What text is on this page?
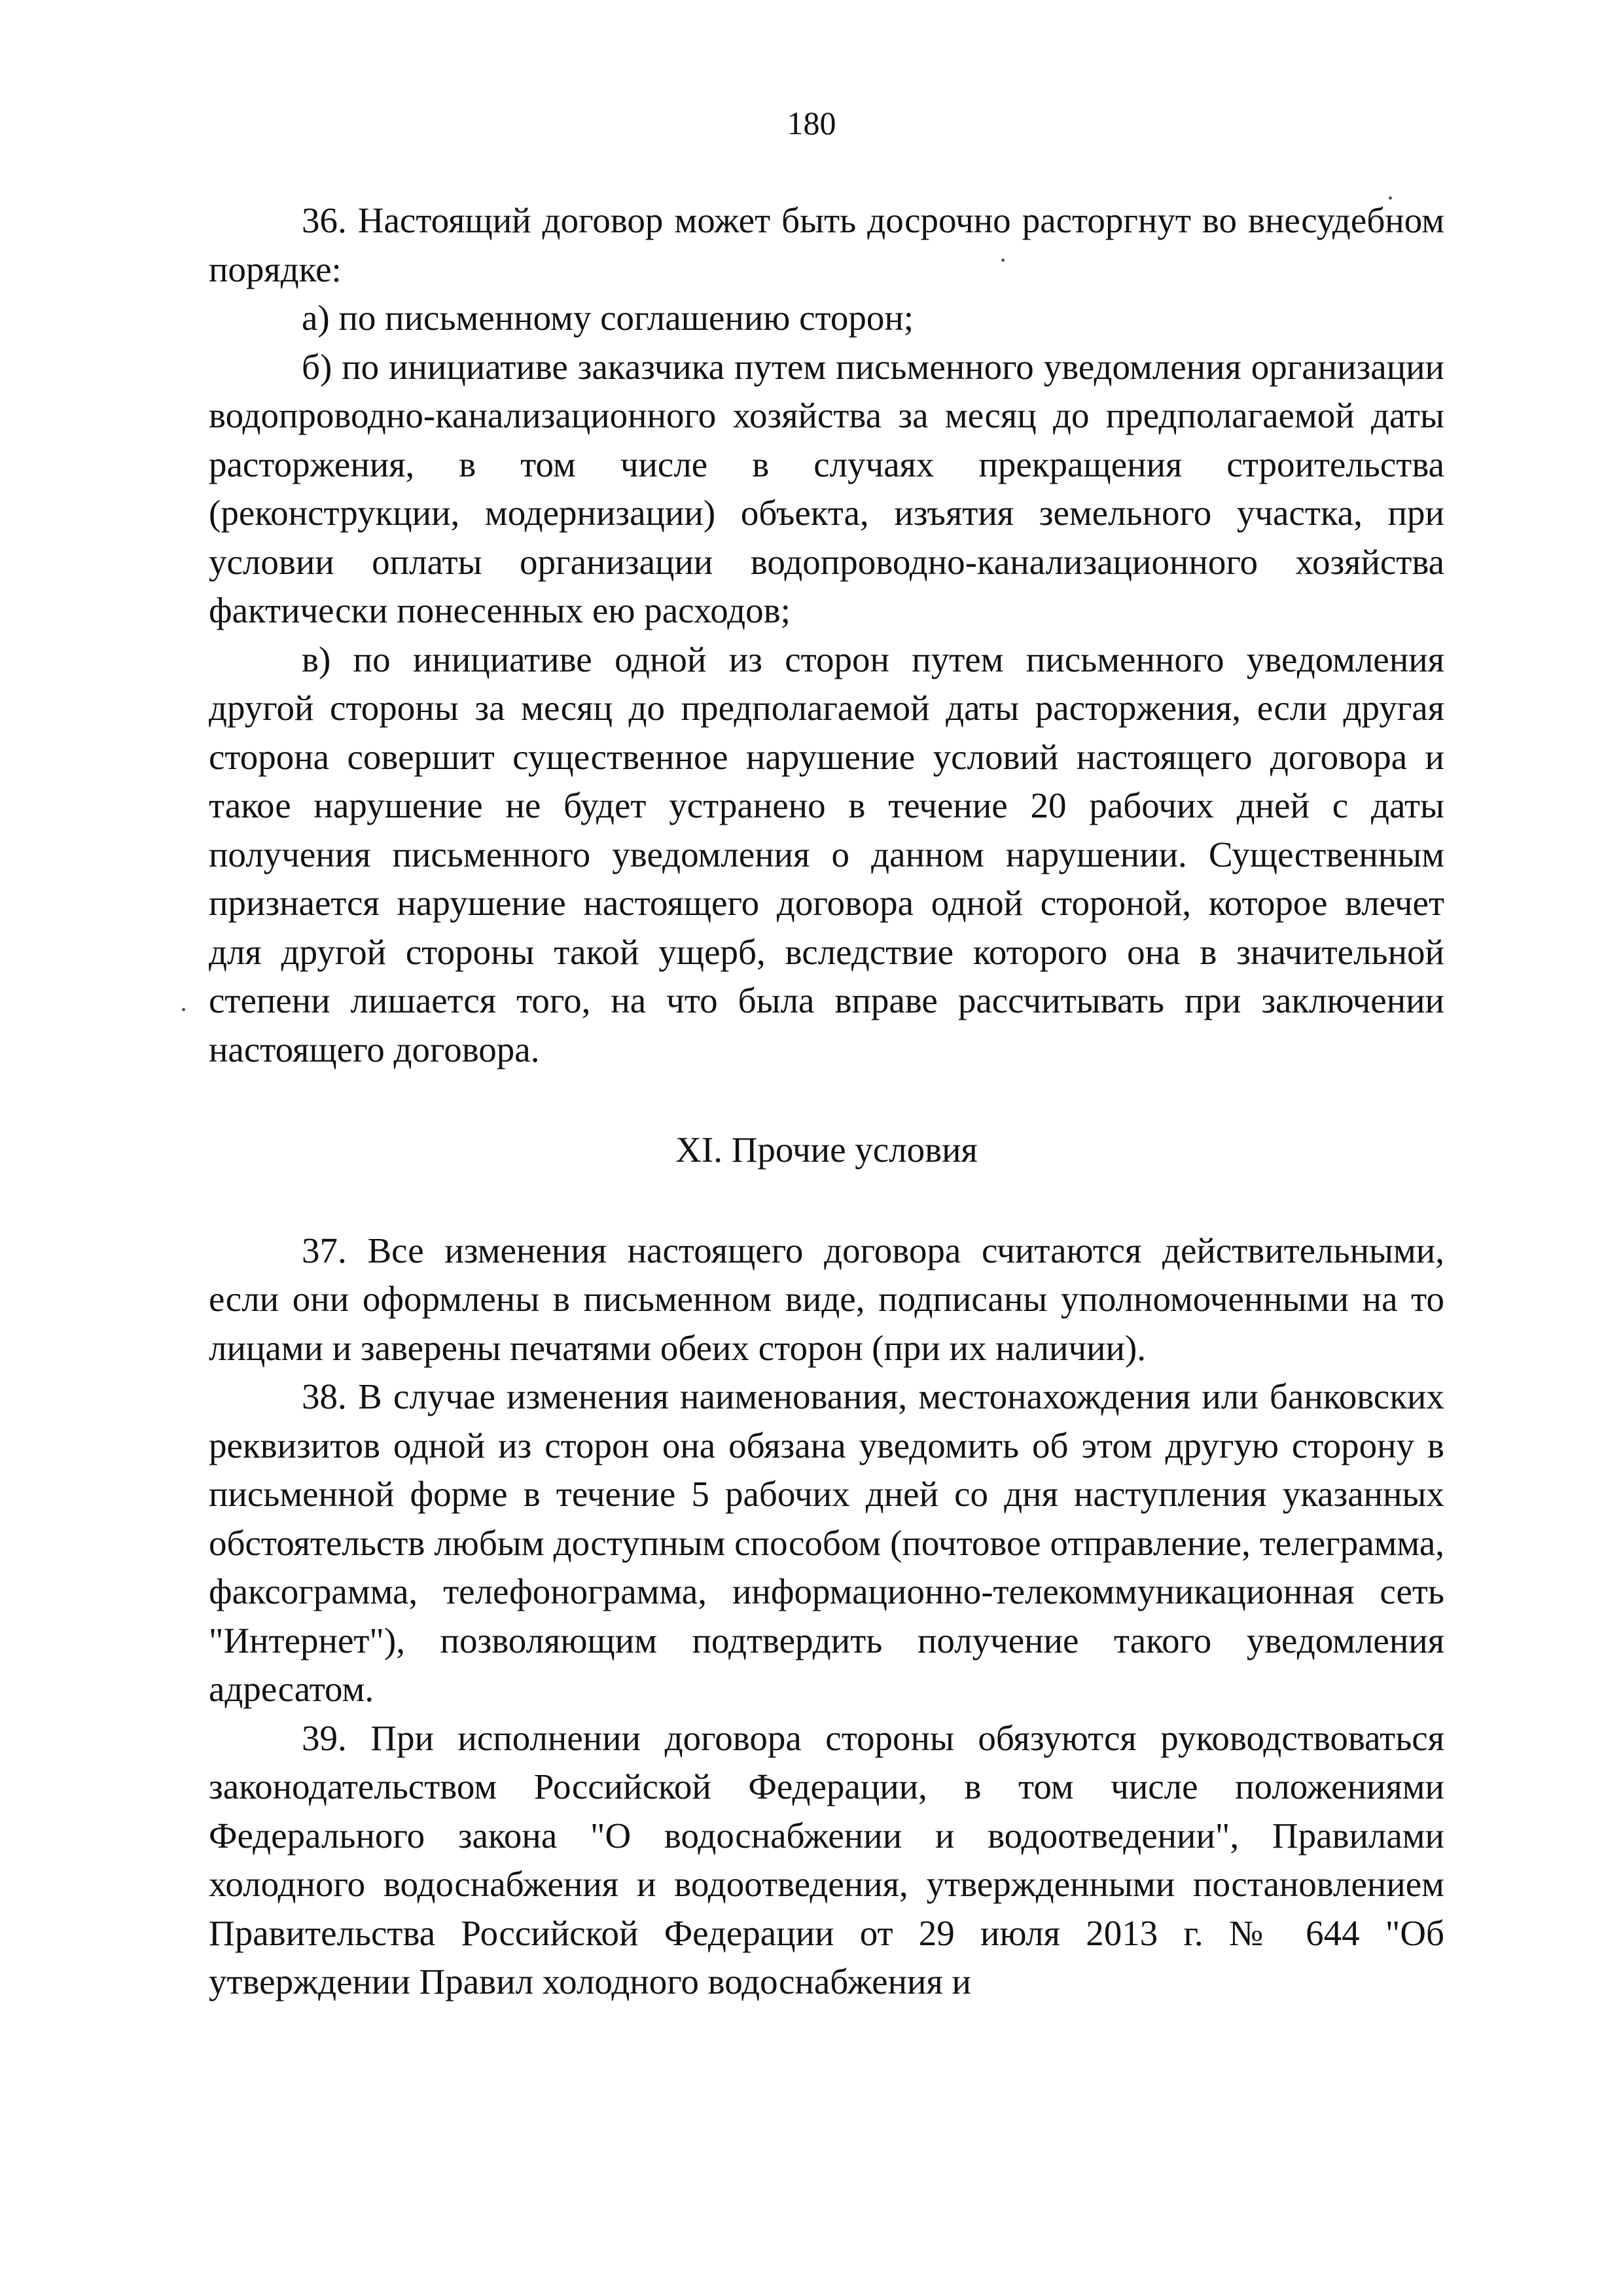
180

36. Настоящий договор может быть досрочно расторгнут во внесудебном порядке:

а) по письменному соглашению сторон;

б) по инициативе заказчика путем письменного уведомления организации водопроводно-канализационного хозяйства за месяц до предполагаемой даты расторжения, в том числе в случаях прекращения строительства (реконструкции, модернизации) объекта, изъятия земельного участка, при условии оплаты организации водопроводно-канализационного хозяйства фактически понесенных ею расходов;

в) по инициативе одной из сторон путем письменного уведомления другой стороны за месяц до предполагаемой даты расторжения, если другая сторона совершит существенное нарушение условий настоящего договора и такое нарушение не будет устранено в течение 20 рабочих дней с даты получения письменного уведомления о данном нарушении. Существенным признается нарушение настоящего договора одной стороной, которое влечет для другой стороны такой ущерб, вследствие которого она в значительной степени лишается того, на что была вправе рассчитывать при заключении настоящего договора.

XI. Прочие условия

37. Все изменения настоящего договора считаются действительными, если они оформлены в письменном виде, подписаны уполномоченными на то лицами и заверены печатями обеих сторон (при их наличии).

38. В случае изменения наименования, местонахождения или банковских реквизитов одной из сторон она обязана уведомить об этом другую сторону в письменной форме в течение 5 рабочих дней со дня наступления указанных обстоятельств любым доступным способом (почтовое отправление, телеграмма, факсограмма, телефонограмма, информационно-телекоммуникационная сеть "Интернет"), позволяющим подтвердить получение такого уведомления адресатом.

39. При исполнении договора стороны обязуются руководствоваться законодательством Российской Федерации, в том числе положениями Федерального закона "О водоснабжении и водоотведении", Правилами холодного водоснабжения и водоотведения, утвержденными постановлением Правительства Российской Федерации от 29 июля 2013 г. № 644 "Об утверждении Правил холодного водоснабжения и
